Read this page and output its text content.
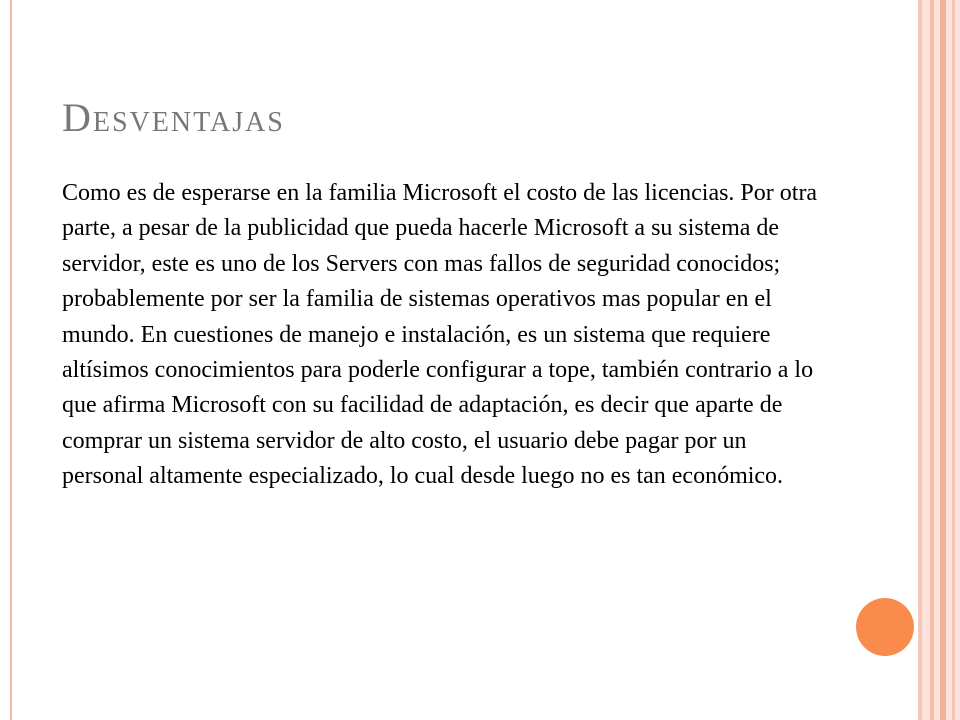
Desventajas

Como es de esperarse en la familia Microsoft el costo de las licencias. Por otra parte, a pesar de la publicidad que pueda hacerle Microsoft a su sistema de servidor, este es uno de los Servers con mas fallos de seguridad conocidos; probablemente por ser la familia de sistemas operativos mas popular en el mundo. En cuestiones de manejo e instalación, es un sistema que requiere altísimos conocimientos para poderle configurar a tope, también contrario a lo que afirma Microsoft con su facilidad de adaptación, es decir que aparte de comprar un sistema servidor de alto costo, el usuario debe pagar por un personal altamente especializado, lo cual desde luego no es tan económico.
